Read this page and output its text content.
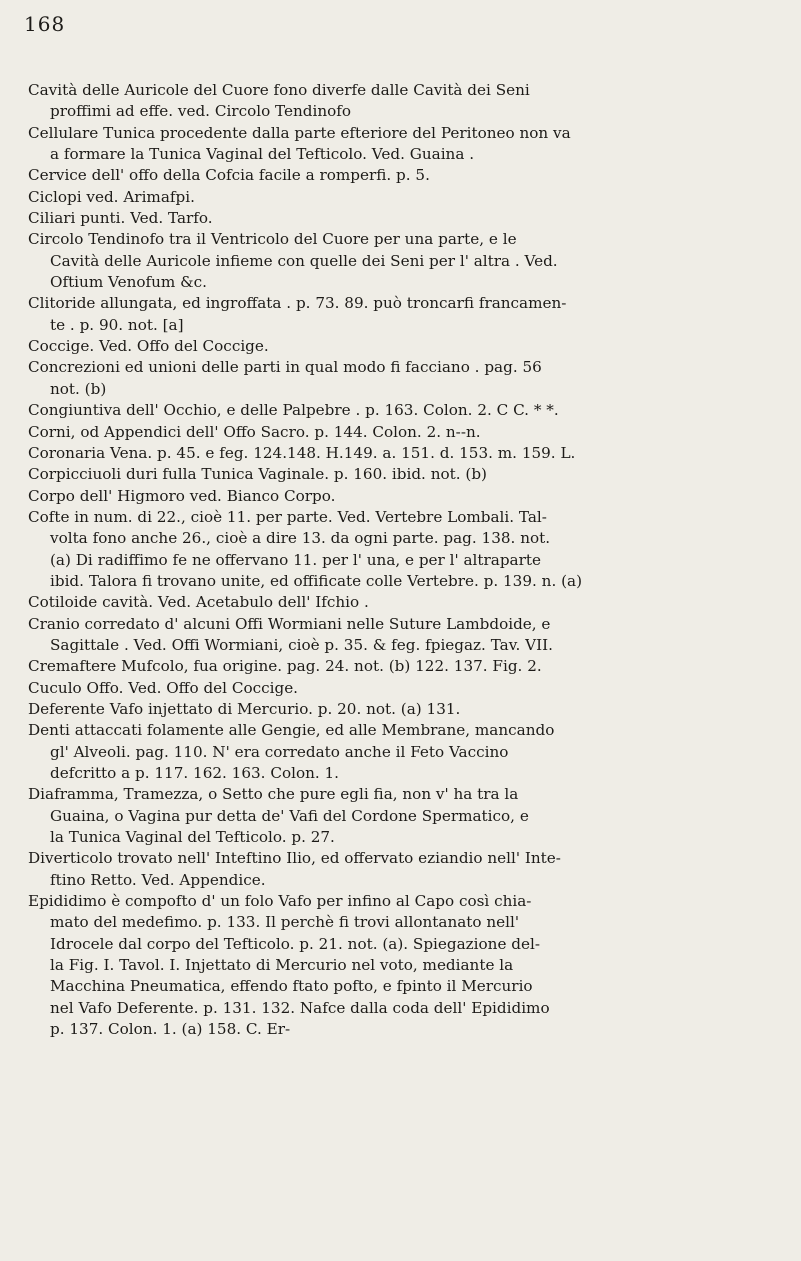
168

Cavità delle Auricole del Cuore fono diverfe dalle Cavità dei Seni
proffimi ad effe. ved. Circolo Tendinofo

Cellulare Tunica procedente dalla parte efteriore del Peritoneo non va
a formare la Tunica Vaginal del Tefticolo. Ved. Guaina .

Cervice dell' offo della Cofcia facile a romperfi. p. 5.

Ciclopi ved. Arimafpi.

Ciliari punti. Ved. Tarfo.

Circolo Tendinofo tra il Ventricolo del Cuore per una parte, e le
Cavità delle Auricole infieme con quelle dei Seni per l' altra . Ved.
Oftium Venofum &c.

Clitoride allungata, ed ingroffata . p. 73. 89. può troncarfi francamen-
te . p. 90. not. [a]

Coccige. Ved. Offo del Coccige.

Concrezioni ed unioni delle parti in qual modo fi facciano . pag. 56
not. (b)

Congiuntiva dell' Occhio, e delle Palpebre . p. 163. Colon. 2. C C. * *.

Corni, od Appendici dell' Offo Sacro. p. 144. Colon. 2. n--n.

Coronaria Vena. p. 45. e feg. 124.148. H.149. a. 151. d. 153. m. 159. L.

Corpicciuoli duri fulla Tunica Vaginale. p. 160. ibid. not. (b)

Corpo dell' Higmoro ved. Bianco Corpo.

Cofte in num. di 22., cioè 11. per parte. Ved. Vertebre Lombali. Tal-
volta fono anche 26., cioè a dire 13. da ogni parte. pag. 138. not.
(a) Di radiffimo fe ne offervano 11. per l' una, e per l' altraparte
ibid. Talora fi trovano unite, ed offificate colle Vertebre. p. 139. n. (a)

Cotiloide cavità. Ved. Acetabulo dell' Ifchio .

Cranio corredato d' alcuni Offi Wormiani nelle Suture Lambdoide, e
Sagittale . Ved. Offi Wormiani, cioè p. 35. & feg. fpiegaz. Tav. VII.

Cremaftere Mufcolo, fua origine. pag. 24. not. (b) 122. 137. Fig. 2.

Cuculo Offo. Ved. Offo del Coccige.

Deferente Vafo injettato di Mercurio. p. 20. not. (a) 131.

Denti attaccati folamente alle Gengie, ed alle Membrane, mancando
gl' Alveoli. pag. 110. N' era corredato anche il Feto Vaccino
defcritto a p. 117. 162. 163. Colon. 1.

Diaframma, Tramezza, o Setto che pure egli fia, non v' ha tra la
Guaina, o Vagina pur detta de' Vafi del Cordone Spermatico, e
la Tunica Vaginal del Tefticolo. p. 27.

Diverticolo trovato nell' Inteftino Ilio, ed offervato eziandio nell' Inte-
ftino Retto. Ved. Appendice.

Epididimo è compofto d' un folo Vafo per infino al Capo così chia-
mato del medefimo. p. 133. Il perchè fi trovi allontanato nell'
Idrocele dal corpo del Tefticolo. p. 21. not. (a). Spiegazione del-
la Fig. I. Tavol. I. Injettato di Mercurio nel voto, mediante la
Macchina Pneumatica, effendo ftato pofto, e fpinto il Mercurio
nel Vafo Deferente. p. 131. 132. Nafce dalla coda dell' Epididimo
p. 137. Colon. 1. (a) 158. C. Er-
